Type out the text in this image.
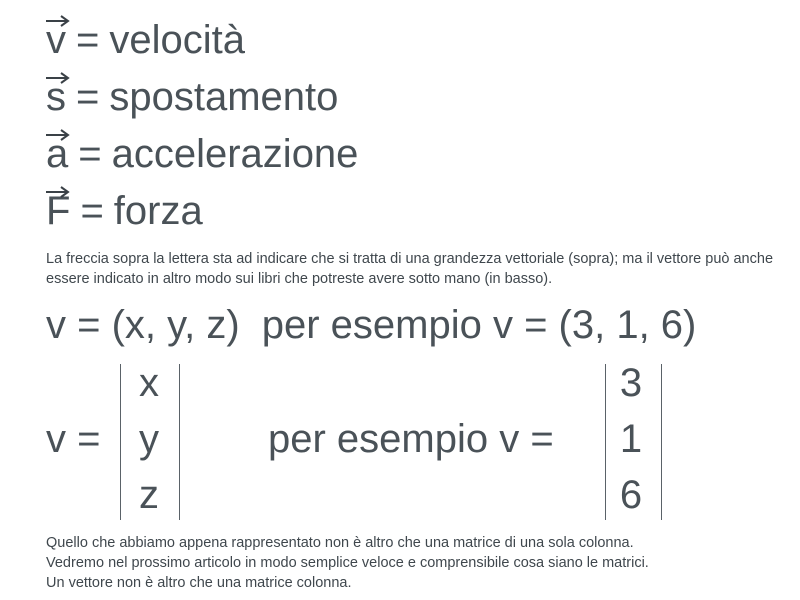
v = velocità
s = spostamento
a = accelerazione
F = forza
La freccia sopra la lettera sta ad indicare che si tratta di una grandezza vettoriale (sopra); ma il vettore può anche essere indicato in altro modo sui libri che potreste avere sotto mano (in basso).
v = (x, y, z) per esempio v = (3, 1, 6)
v =
x
y
z
per esempio v =
3
1
6
Quello che abbiamo appena rappresentato non è altro che una matrice di una sola colonna.
Vedremo nel prossimo articolo in modo semplice veloce e comprensibile cosa siano le matrici.
Un vettore non è altro che una matrice colonna.
